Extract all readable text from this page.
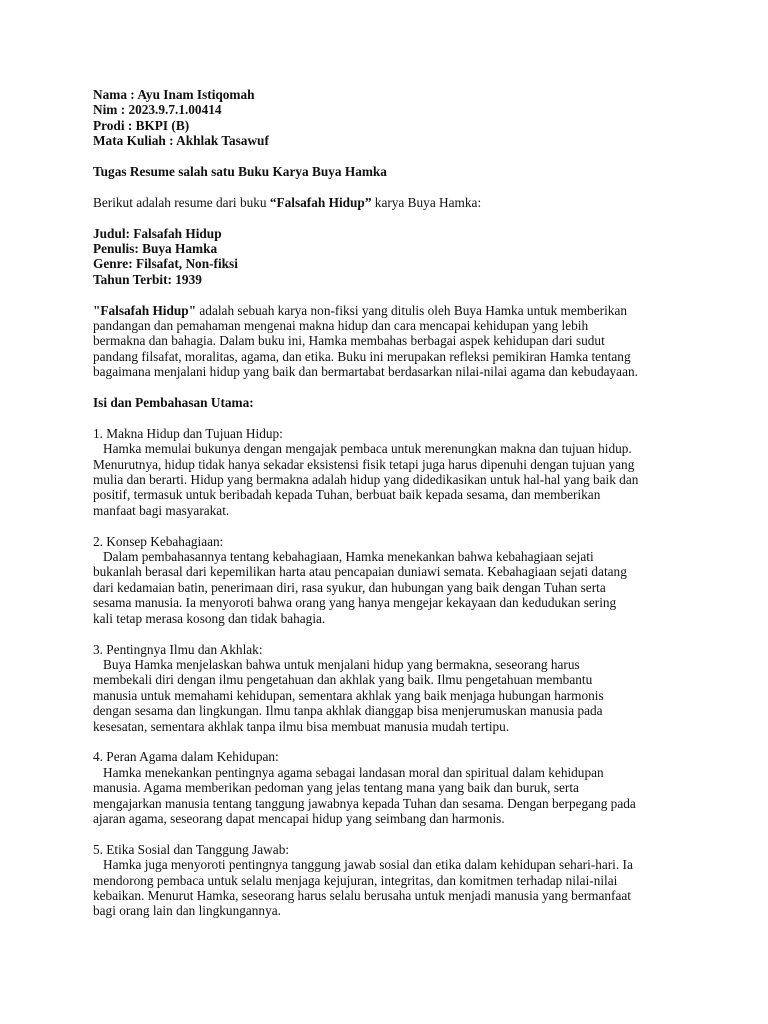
Nama : Ayu Inam Istiqomah
Nim : 2023.9.7.1.00414
Prodi : BKPI (B)
Mata Kuliah : Akhlak Tasawuf
Tugas Resume salah satu Buku Karya Buya Hamka
Berikut adalah resume dari buku “Falsafah Hidup” karya Buya Hamka:
Judul: Falsafah Hidup
Penulis: Buya Hamka
Genre: Filsafat, Non-fiksi
Tahun Terbit: 1939
"Falsafah Hidup" adalah sebuah karya non-fiksi yang ditulis oleh Buya Hamka untuk memberikan
pandangan dan pemahaman mengenai makna hidup dan cara mencapai kehidupan yang lebih
bermakna dan bahagia. Dalam buku ini, Hamka membahas berbagai aspek kehidupan dari sudut
pandang filsafat, moralitas, agama, dan etika. Buku ini merupakan refleksi pemikiran Hamka tentang
bagaimana menjalani hidup yang baik dan bermartabat berdasarkan nilai-nilai agama dan kebudayaan.
Isi dan Pembahasan Utama:
1. Makna Hidup dan Tujuan Hidup:
Hamka memulai bukunya dengan mengajak pembaca untuk merenungkan makna dan tujuan hidup.
Menurutnya, hidup tidak hanya sekadar eksistensi fisik tetapi juga harus dipenuhi dengan tujuan yang
mulia dan berarti. Hidup yang bermakna adalah hidup yang didedikasikan untuk hal-hal yang baik dan
positif, termasuk untuk beribadah kepada Tuhan, berbuat baik kepada sesama, dan memberikan
manfaat bagi masyarakat.
2. Konsep Kebahagiaan:
Dalam pembahasannya tentang kebahagiaan, Hamka menekankan bahwa kebahagiaan sejati
bukanlah berasal dari kepemilikan harta atau pencapaian duniawi semata. Kebahagiaan sejati datang
dari kedamaian batin, penerimaan diri, rasa syukur, dan hubungan yang baik dengan Tuhan serta
sesama manusia. Ia menyoroti bahwa orang yang hanya mengejar kekayaan dan kedudukan sering
kali tetap merasa kosong dan tidak bahagia.
3. Pentingnya Ilmu dan Akhlak:
Buya Hamka menjelaskan bahwa untuk menjalani hidup yang bermakna, seseorang harus
membekali diri dengan ilmu pengetahuan dan akhlak yang baik. Ilmu pengetahuan membantu
manusia untuk memahami kehidupan, sementara akhlak yang baik menjaga hubungan harmonis
dengan sesama dan lingkungan. Ilmu tanpa akhlak dianggap bisa menjerumuskan manusia pada
kesesatan, sementara akhlak tanpa ilmu bisa membuat manusia mudah tertipu.
4. Peran Agama dalam Kehidupan:
Hamka menekankan pentingnya agama sebagai landasan moral dan spiritual dalam kehidupan
manusia. Agama memberikan pedoman yang jelas tentang mana yang baik dan buruk, serta
mengajarkan manusia tentang tanggung jawabnya kepada Tuhan dan sesama. Dengan berpegang pada
ajaran agama, seseorang dapat mencapai hidup yang seimbang dan harmonis.
5. Etika Sosial dan Tanggung Jawab:
Hamka juga menyoroti pentingnya tanggung jawab sosial dan etika dalam kehidupan sehari-hari. Ia
mendorong pembaca untuk selalu menjaga kejujuran, integritas, dan komitmen terhadap nilai-nilai
kebaikan. Menurut Hamka, seseorang harus selalu berusaha untuk menjadi manusia yang bermanfaat
bagi orang lain dan lingkungannya.
